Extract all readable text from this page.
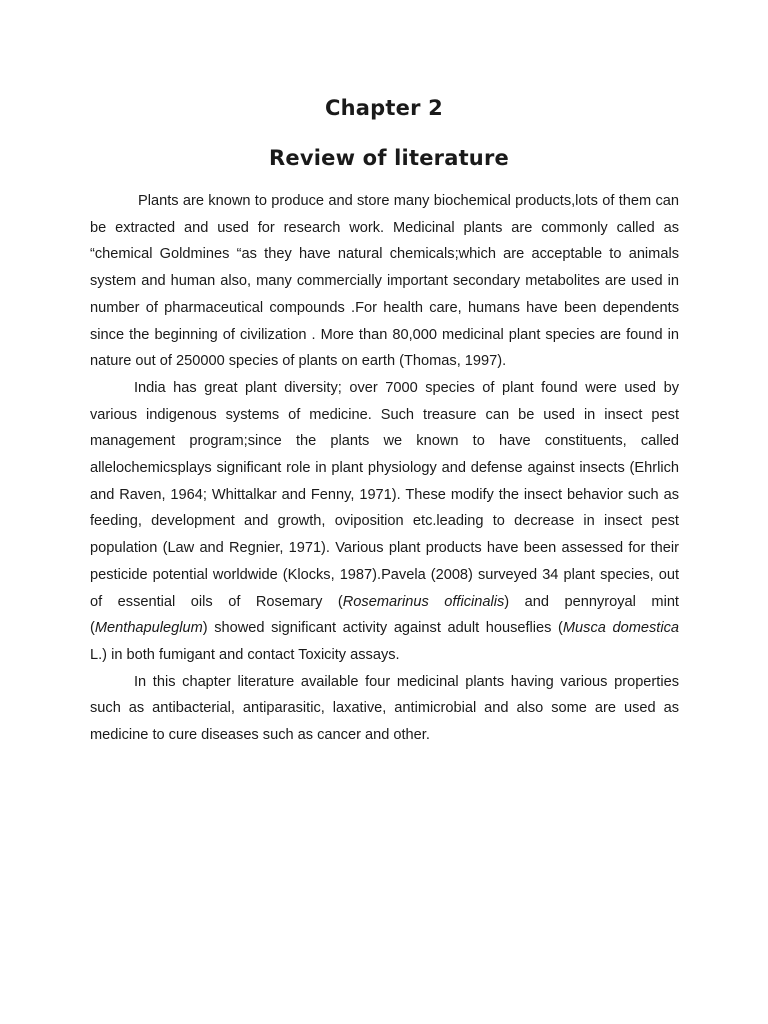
Chapter 2
Review of literature

Plants are known to produce and store many biochemical products,lots of them can be extracted and used for research work. Medicinal plants are commonly called as “chemical Goldmines “as they have natural chemicals;which are acceptable to animals system and human also, many commercially important secondary metabolites are used in number of pharmaceutical compounds .For health care, humans have been dependents since the beginning of civilization . More than 80,000 medicinal plant species are found in nature out of 250000 species of plants on earth (Thomas, 1997).

India has great plant diversity; over 7000 species of plant found were used by various indigenous systems of medicine. Such treasure can be used in insect pest management program;since the plants we known to have constituents, called allelochemicsplays significant role in plant physiology and defense against insects (Ehrlich and Raven, 1964; Whittalkar and Fenny, 1971). These modify the insect behavior such as feeding, development and growth, oviposition etc.leading to decrease in insect pest population (Law and Regnier, 1971). Various plant products have been assessed for their pesticide potential worldwide (Klocks, 1987).Pavela (2008) surveyed 34 plant species, out of essential oils of Rosemary (Rosemarinus officinalis) and pennyroyal mint (Menthapuleglum) showed significant activity against adult houseflies (Musca domestica L.) in both fumigant and contact Toxicity assays.

In this chapter literature available four medicinal plants having various properties such as antibacterial, antiparasitic, laxative, antimicrobial and also some are used as medicine to cure diseases such as cancer and other.
